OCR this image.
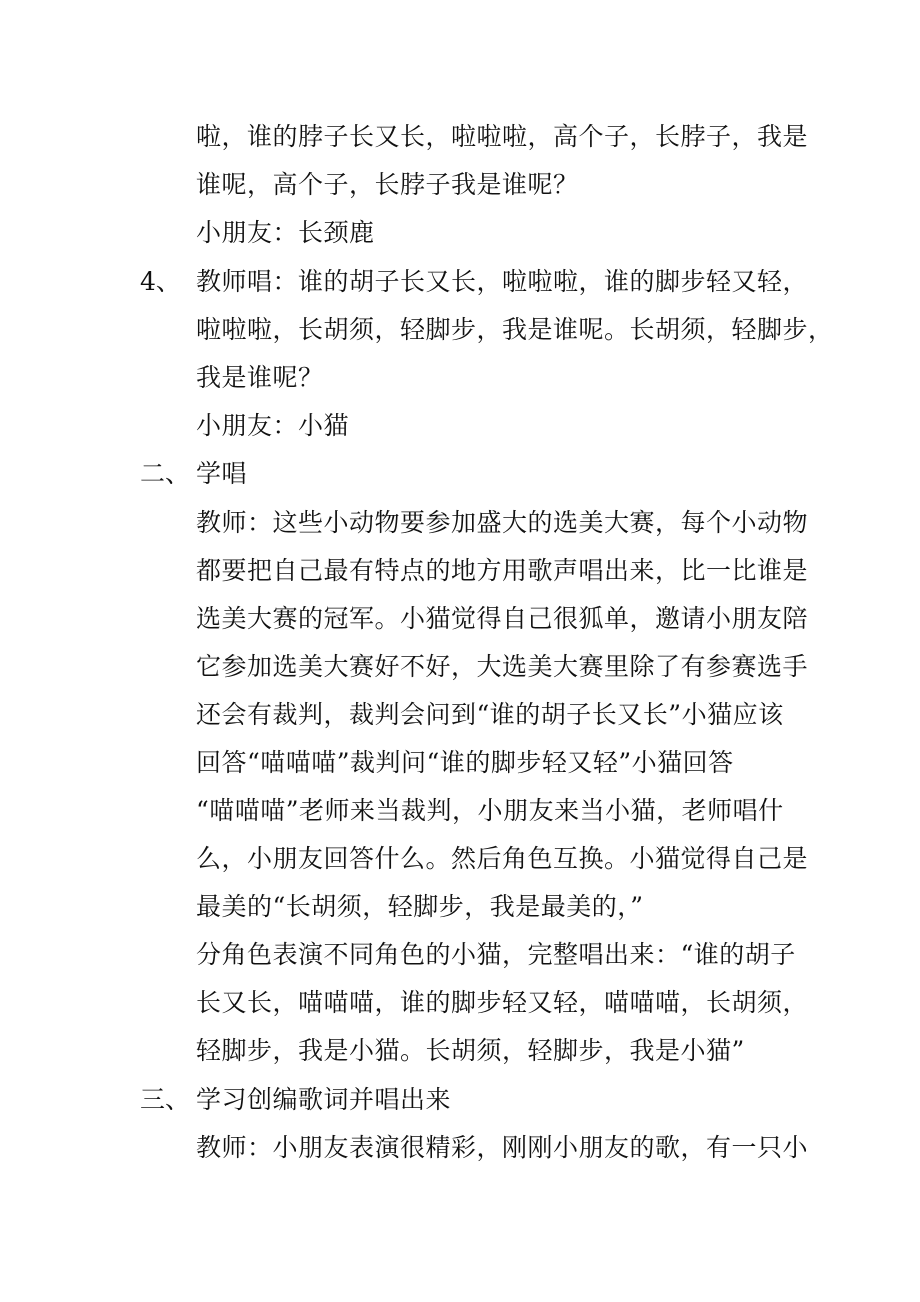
啦，谁的脖子长又长，啦啦啦，高个子，长脖子，我是
谁呢，高个子，长脖子我是谁呢？
小朋友：长颈鹿
4、 教师唱：谁的胡子长又长，啦啦啦，谁的脚步轻又轻，
啦啦啦，长胡须，轻脚步，我是谁呢。长胡须，轻脚步，
我是谁呢？
小朋友：小猫
二、 学唱
教师：这些小动物要参加盛大的选美大赛，每个小动物
都要把自己最有特点的地方用歌声唱出来，比一比谁是
选美大赛的冠军。小猫觉得自己很狐单，邀请小朋友陪
它参加选美大赛好不好，大选美大赛里除了有参赛选手
还会有裁判，裁判会问到“谁的胡子长又长”小猫应该
回答“喵喵喵”裁判问“谁的脚步轻又轻”小猫回答
“喵喵喵”老师来当裁判，小朋友来当小猫，老师唱什
么，小朋友回答什么。然后角色互换。小猫觉得自己是
最美的“长胡须，轻脚步，我是最美的，”
分角色表演不同角色的小猫，完整唱出来：“谁的胡子
长又长，喵喵喵，谁的脚步轻又轻，喵喵喵，长胡须，
轻脚步，我是小猫。长胡须，轻脚步，我是小猫”
三、 学习创编歌词并唱出来
教师：小朋友表演很精彩，刚刚小朋友的歌，有一只小
